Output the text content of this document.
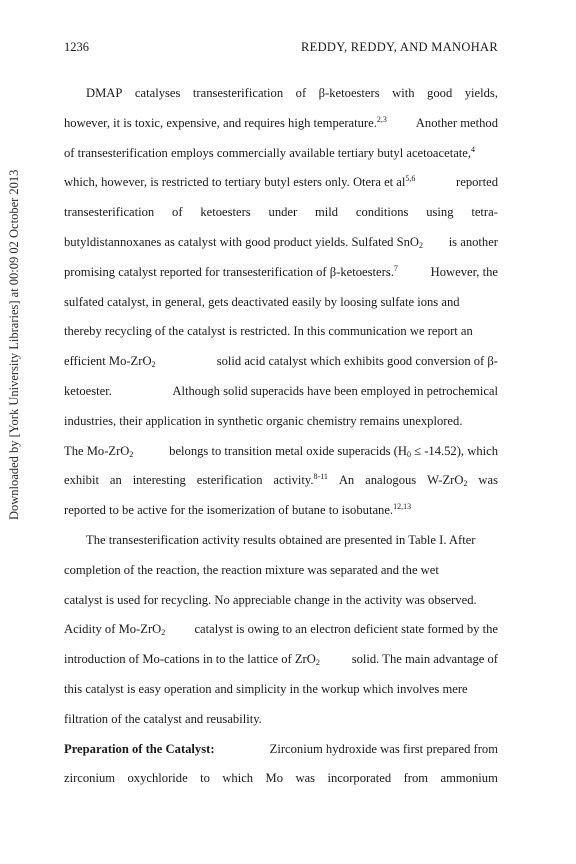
1236	REDDY, REDDY, AND MANOHAR
Downloaded by [York University Libraries] at 00:09 02 October 2013
DMAP catalyses transesterification of β-ketoesters with good yields,
however, it is toxic, expensive, and requires high temperature.$^{2,3}$ Another method
of transesterification employs commercially available tertiary butyl acetoacetate,$^4$
which, however, is restricted to tertiary butyl esters only. Otera et al$^{5,6}$	reported
transesterification of ketoesters under mild conditions using tetra-
butyldistannoxanes as catalyst with good product yields. Sulfated SnO$_2$ is another
promising catalyst reported for transesterification of β-ketoesters.$^7$	However, the
sulfated catalyst, in general, gets deactivated easily by loosing sulfate ions and
thereby recycling of the catalyst is restricted. In this communication we report an
efficient Mo-ZrO$_2$	solid acid catalyst which exhibits good conversion of β-
ketoester.	Although solid superacids have been employed in petrochemical
industries, their application in synthetic organic chemistry remains unexplored.
The Mo-ZrO$_2$	belongs to transition metal oxide superacids $(H_0 \le -14.52)$, which
exhibit an interesting esterification activity.$^{8-11}$ An analogous W-ZrO$_2$ was
reported to be active for the isomerization of butane to isobutane.$^{12,13}$
The transesterification activity results obtained are presented in Table I. After
completion of the reaction, the reaction mixture was separated and the wet
catalyst is used for recycling. No appreciable change in the activity was observed.
Acidity of Mo-ZrO$_2$ catalyst is owing to an electron deficient state formed by the
introduction of Mo-cations in to the lattice of ZrO$_2$	solid. The main advantage of
this catalyst is easy operation and simplicity in the workup which involves mere
filtration of the catalyst and reusability.
Preparation of the Catalyst:	Zirconium hydroxide was first prepared from
zirconium oxychloride to which Mo was incorporated from ammonium
